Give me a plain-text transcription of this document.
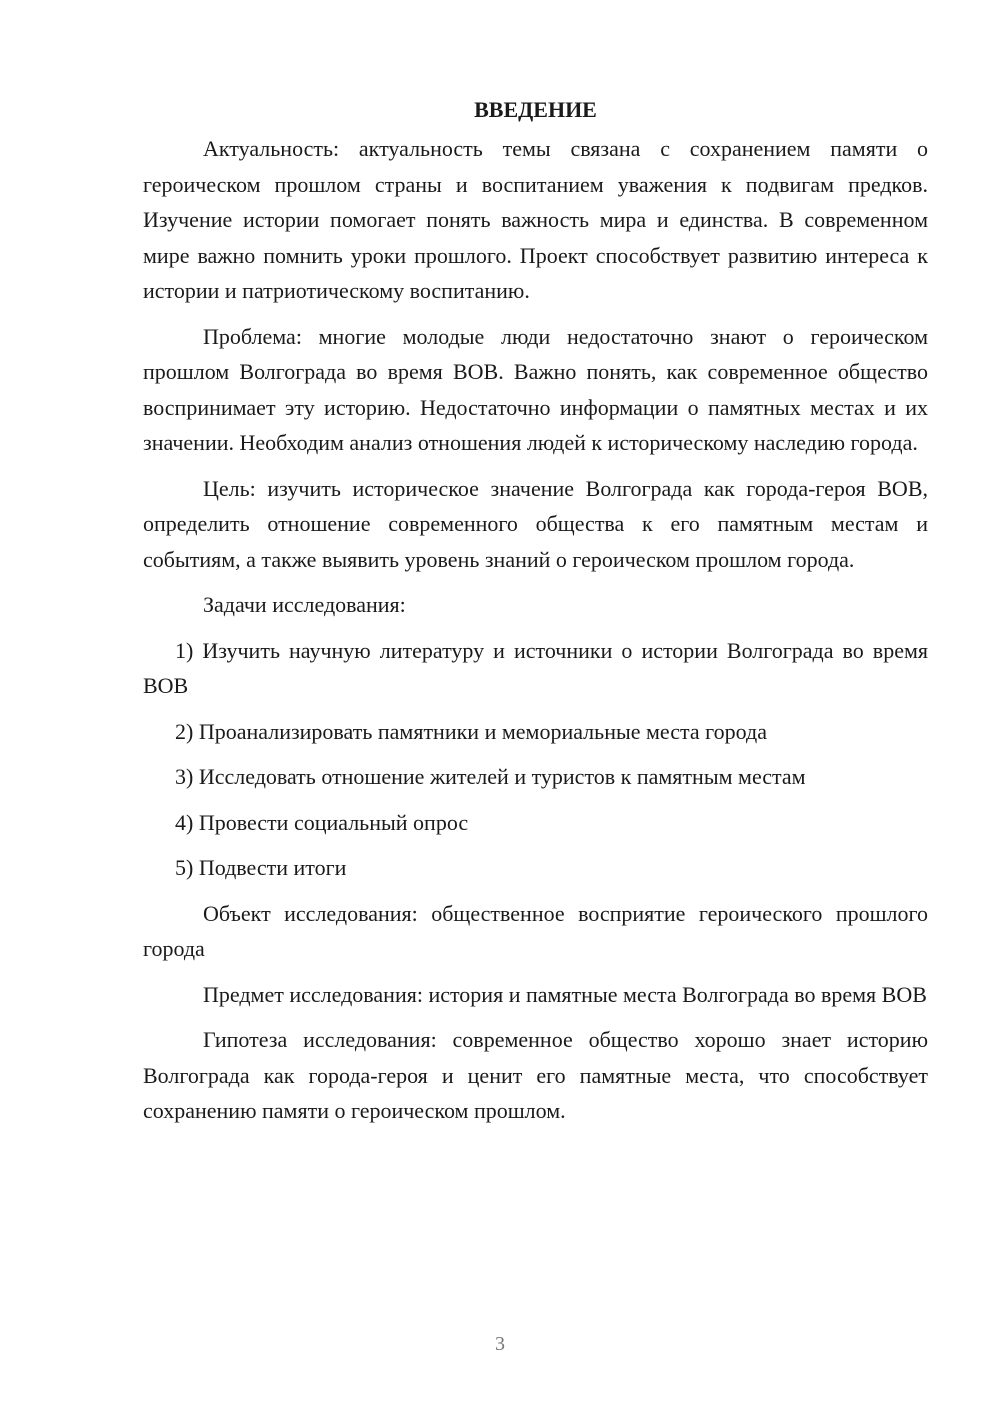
ВВЕДЕНИЕ

Актуальность: актуальность темы связана с сохранением памяти о героическом прошлом страны и воспитанием уважения к подвигам предков. Изучение истории помогает понять важность мира и единства. В современном мире важно помнить уроки прошлого. Проект способствует развитию интереса к истории и патриотическому воспитанию.

Проблема: многие молодые люди недостаточно знают о героическом прошлом Волгограда во время ВОВ. Важно понять, как современное общество воспринимает эту историю. Недостаточно информации о памятных местах и их значении. Необходим анализ отношения людей к историческому наследию города.

Цель: изучить историческое значение Волгограда как города-героя ВОВ, определить отношение современного общества к его памятным местам и событиям, а также выявить уровень знаний о героическом прошлом города.

Задачи исследования:

1) Изучить научную литературу и источники о истории Волгограда во время ВОВ

2) Проанализировать памятники и мемориальные места города

3) Исследовать отношение жителей и туристов к памятным местам

4) Провести социальный опрос

5) Подвести итоги

Объект исследования: общественное восприятие героического прошлого города

Предмет исследования: история и памятные места Волгограда во время ВОВ

Гипотеза исследования: современное общество хорошо знает историю Волгограда как города-героя и ценит его памятные места, что способствует сохранению памяти о героическом прошлом.

3
